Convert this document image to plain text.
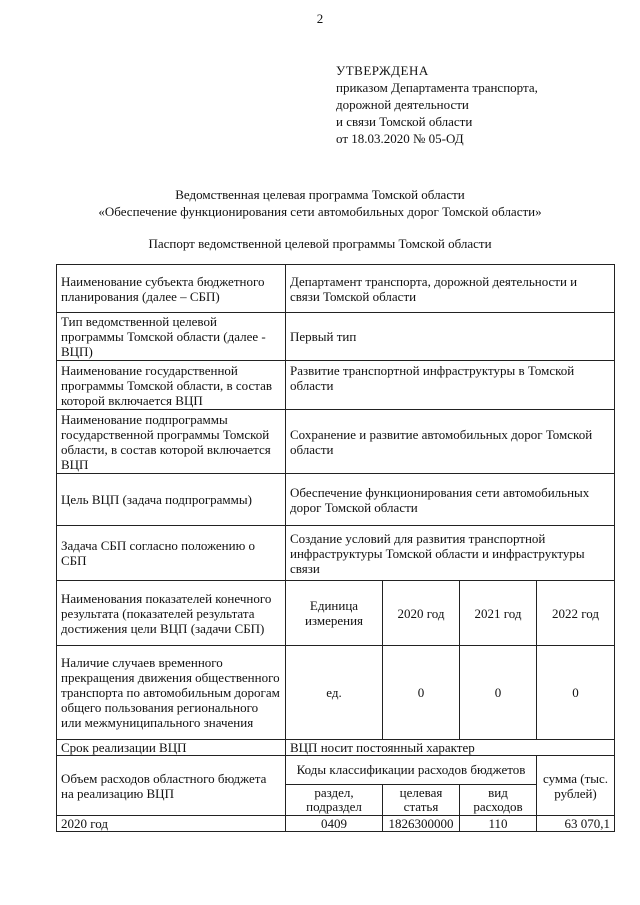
2
УТВЕРЖДЕНА
приказом Департамента транспорта,
дорожной деятельности
и связи Томской области
от 18.03.2020 № 05-ОД
Ведомственная целевая программа Томской области
«Обеспечение функционирования сети автомобильных дорог Томской области»
Паспорт ведомственной целевой программы Томской области
Наименование субъекта бюджетного планирования (далее – СБП)	Департамент транспорта, дорожной деятельности и связи Томской области			
Тип ведомственной целевой программы Томской области (далее - ВЦП)	Первый тип			
Наименование государственной программы Томской области, в состав которой включается ВЦП	Развитие транспортной инфраструктуры в Томской области			
Наименование подпрограммы государственной программы Томской области, в состав которой включается ВЦП	Сохранение и развитие автомобильных дорог Томской области			
Цель ВЦП (задача подпрограммы)	Обеспечение функционирования сети автомобильных дорог Томской области			
Задача СБП согласно положению о СБП	Создание условий для развития транспортной инфраструктуры Томской области и инфраструктуры связи			
Наименования показателей конечного результата (показателей результата достижения цели ВЦП (задачи СБП)	Единица измерения	2020 год	2021 год	2022 год
Наличие случаев временного прекращения движения общественного транспорта по автомобильным дорогам общего пользования регионального или межмуниципального значения	ед.	0	0	0
Срок реализации ВЦП	ВЦП носит постоянный характер			
Объем расходов областного бюджета на реализацию ВЦП	Коды классификации расходов бюджетов			сумма (тыс. рублей)
	раздел, подраздел	целевая статья	вид расходов	
2020 год	0409	1826300000	110	63 070,1
